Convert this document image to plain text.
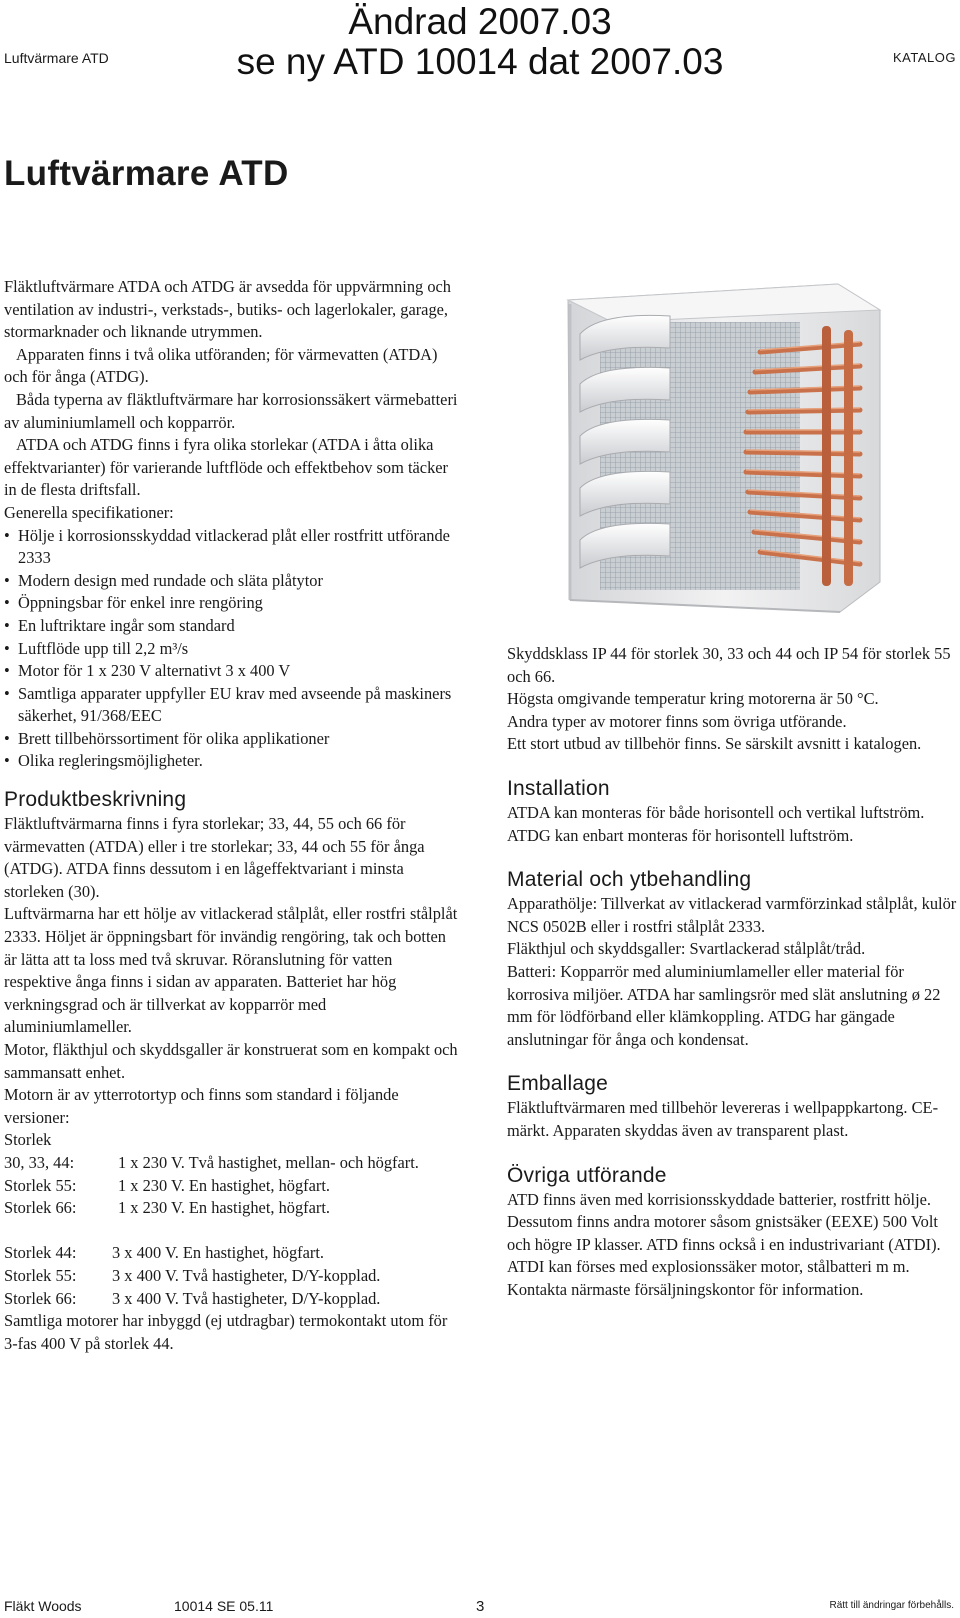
Luftvärmare ATD
Ändrad 2007.03
se ny ATD 10014 dat 2007.03	KATALOG
Luftvärmare ATD

Fläktluftvärmare ATDA och ATDG är avsedda för uppvärmning och ventilation av industri-, verkstads-, butiks- och lagerlokaler, garage, stormarknader och liknande utrymmen.

Apparaten finns i två olika utföranden; för värmevatten (ATDA) och för ånga (ATDG).

Båda typerna av fläktluftvärmare har korrosionssäkert värmebatteri av aluminiumlamell och kopparrör.

ATDA och ATDG finns i fyra olika storlekar (ATDA i åtta olika effektvarianter) för varierande luftflöde och effektbehov som täcker in de flesta driftsfall.

Generella specifikationer:

• Hölje i korrosionsskyddad vitlackerad plåt eller rostfritt utförande 2333
• Modern design med rundade och släta plåtytor
• Öppningsbar för enkel inre rengöring
• En luftriktare ingår som standard
• Luftflöde upp till 2,2 m³/s
• Motor för 1 x 230 V alternativt 3 x 400 V
• Samtliga apparater uppfyller EU krav med avseende på maskiners säkerhet, 91/368/EEC
• Brett tillbehörssortiment för olika applikationer
• Olika regleringsmöjligheter.
Produktbeskrivning

Fläktluftvärmarna finns i fyra storlekar; 33, 44, 55 och 66 för värmevatten (ATDA) eller i tre storlekar; 33, 44 och 55 för ånga (ATDG). ATDA finns dessutom i en lågeffektvariant i minsta storleken (30).

Luftvärmarna har ett hölje av vitlackerad stålplåt, eller rostfri stålplåt 2333. Höljet är öppningsbart för invändig rengöring, tak och botten är lätta att ta loss med två skruvar. Röranslutning för vatten respektive ånga finns i sidan av apparaten. Batteriet har hög verkningsgrad och är tillverkat av kopparrör med aluminiumlameller.

Motor, fläkthjul och skyddsgaller är konstruerat som en kompakt och sammansatt enhet.

Motorn är av ytterrotortyp och finns som standard i följande versioner:

Storlek

30, 33, 44:	1 x 230 V. Två hastighet, mellan- och högfart.
Storlek 55:	1 x 230 V. En hastighet, högfart.
Storlek 66:	1 x 230 V. En hastighet, högfart.
Storlek 44:	3 x 400 V. En hastighet, högfart.
Storlek 55:	3 x 400 V. Två hastigheter, D/Y-kopplad.
Storlek 66:	3 x 400 V. Två hastigheter, D/Y-kopplad.

Samtliga motorer har inbyggd (ej utdragbar) termokontakt utom för 3-fas 400 V på storlek 44.

Skyddsklass IP 44 för storlek 30, 33 och 44 och IP 54 för storlek 55 och 66.

Högsta omgivande temperatur kring motorerna är 50 °C.

Andra typer av motorer finns som övriga utförande.

Ett stort utbud av tillbehör finns. Se särskilt avsnitt i katalogen.

Installation

ATDA kan monteras för både horisontell och vertikal luftström. ATDG kan enbart monteras för horisontell luftström.

Material och ytbehandling

Apparathölje: Tillverkat av vitlackerad varmförzinkad stålplåt, kulör NCS 0502B eller i rostfri stålplåt 2333.

Fläkthjul och skyddsgaller: Svartlackerad stålplåt/tråd.

Batteri: Kopparrör med aluminiumlameller eller material för korrosiva miljöer. ATDA har samlingsrör med slät anslutning ø 22 mm för lödförband eller klämkoppling. ATDG har gängade anslutningar för ånga och kondensat.

Emballage

Fläktluftvärmaren med tillbehör levereras i wellpappkartong. CE-märkt. Apparaten skyddas även av transparent plast.

Övriga utförande

ATD finns även med korrisionsskyddade batterier, rostfritt hölje. Dessutom finns andra motorer såsom gnistsäker (EEXE) 500 Volt och högre IP klasser. ATD finns också i en industrivariant (ATDI). ATDI kan förses med explosionssäker motor, stålbatteri m m. Kontakta närmaste försäljningskontor för information.

Fläkt Woods	10014 SE 05.11	3	Rätt till ändringar förbehålls.
